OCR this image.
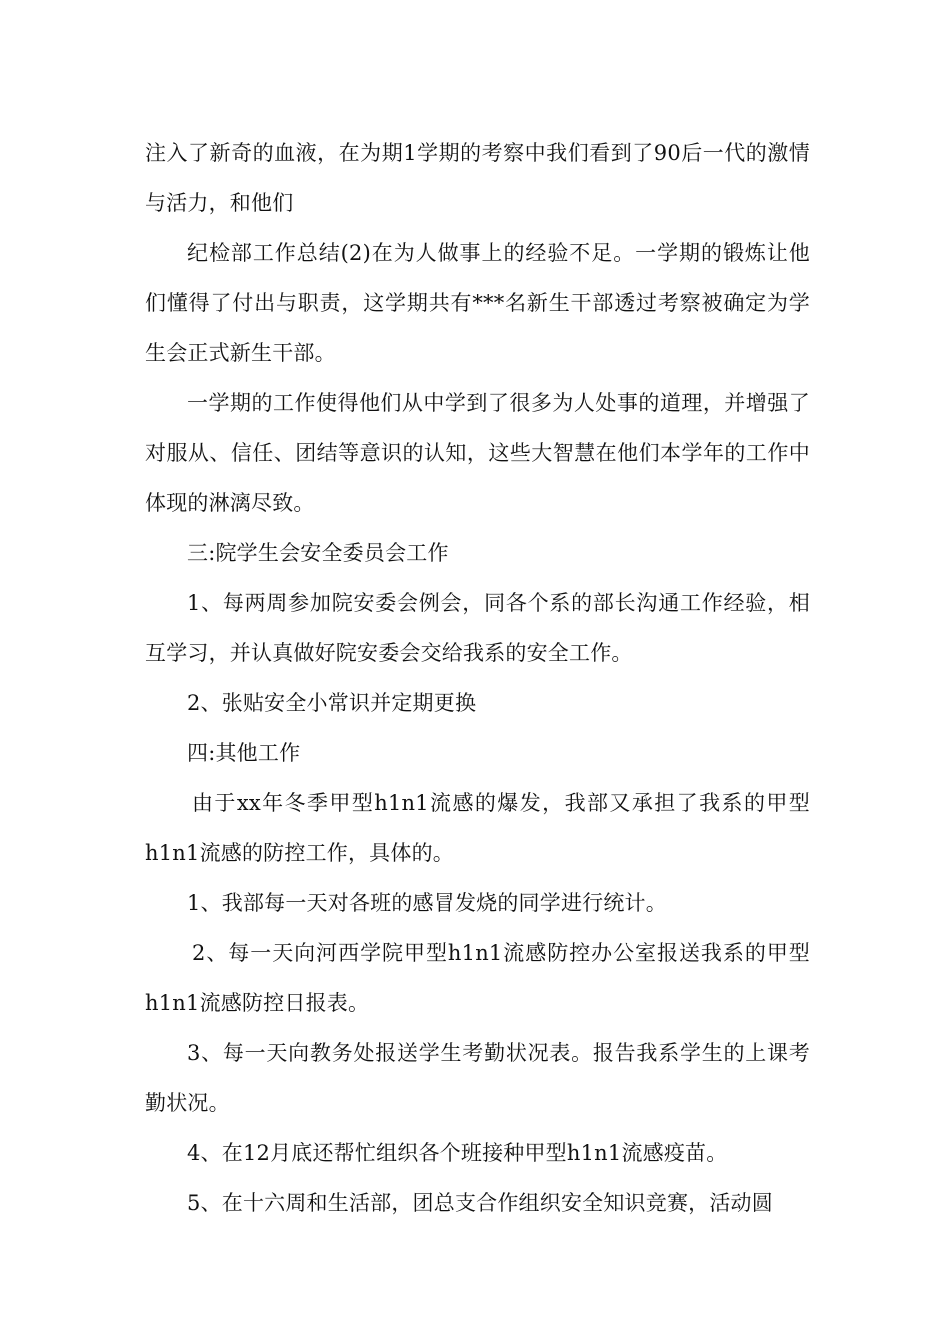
注入了新奇的血液，在为期1学期的考察中我们看到了90后一代的激情与活力，和他们

纪检部工作总结(2)在为人做事上的经验不足。一学期的锻炼让他们懂得了付出与职责，这学期共有***名新生干部透过考察被确定为学生会正式新生干部。

一学期的工作使得他们从中学到了很多为人处事的道理，并增强了对服从、信任、团结等意识的认知，这些大智慧在他们本学年的工作中体现的淋漓尽致。

三:院学生会安全委员会工作

1、每两周参加院安委会例会，同各个系的部长沟通工作经验，相互学习，并认真做好院安委会交给我系的安全工作。

2、张贴安全小常识并定期更换

四:其他工作

由于xx年冬季甲型h1n1流感的爆发，我部又承担了我系的甲型h1n1流感的防控工作，具体的。

1、我部每一天对各班的感冒发烧的同学进行统计。

2、每一天向河西学院甲型h1n1流感防控办公室报送我系的甲型h1n1流感防控日报表。

3、每一天向教务处报送学生考勤状况表。报告我系学生的上课考勤状况。

4、在12月底还帮忙组织各个班接种甲型h1n1流感疫苗。

5、在十六周和生活部，团总支合作组织安全知识竞赛，活动圆
